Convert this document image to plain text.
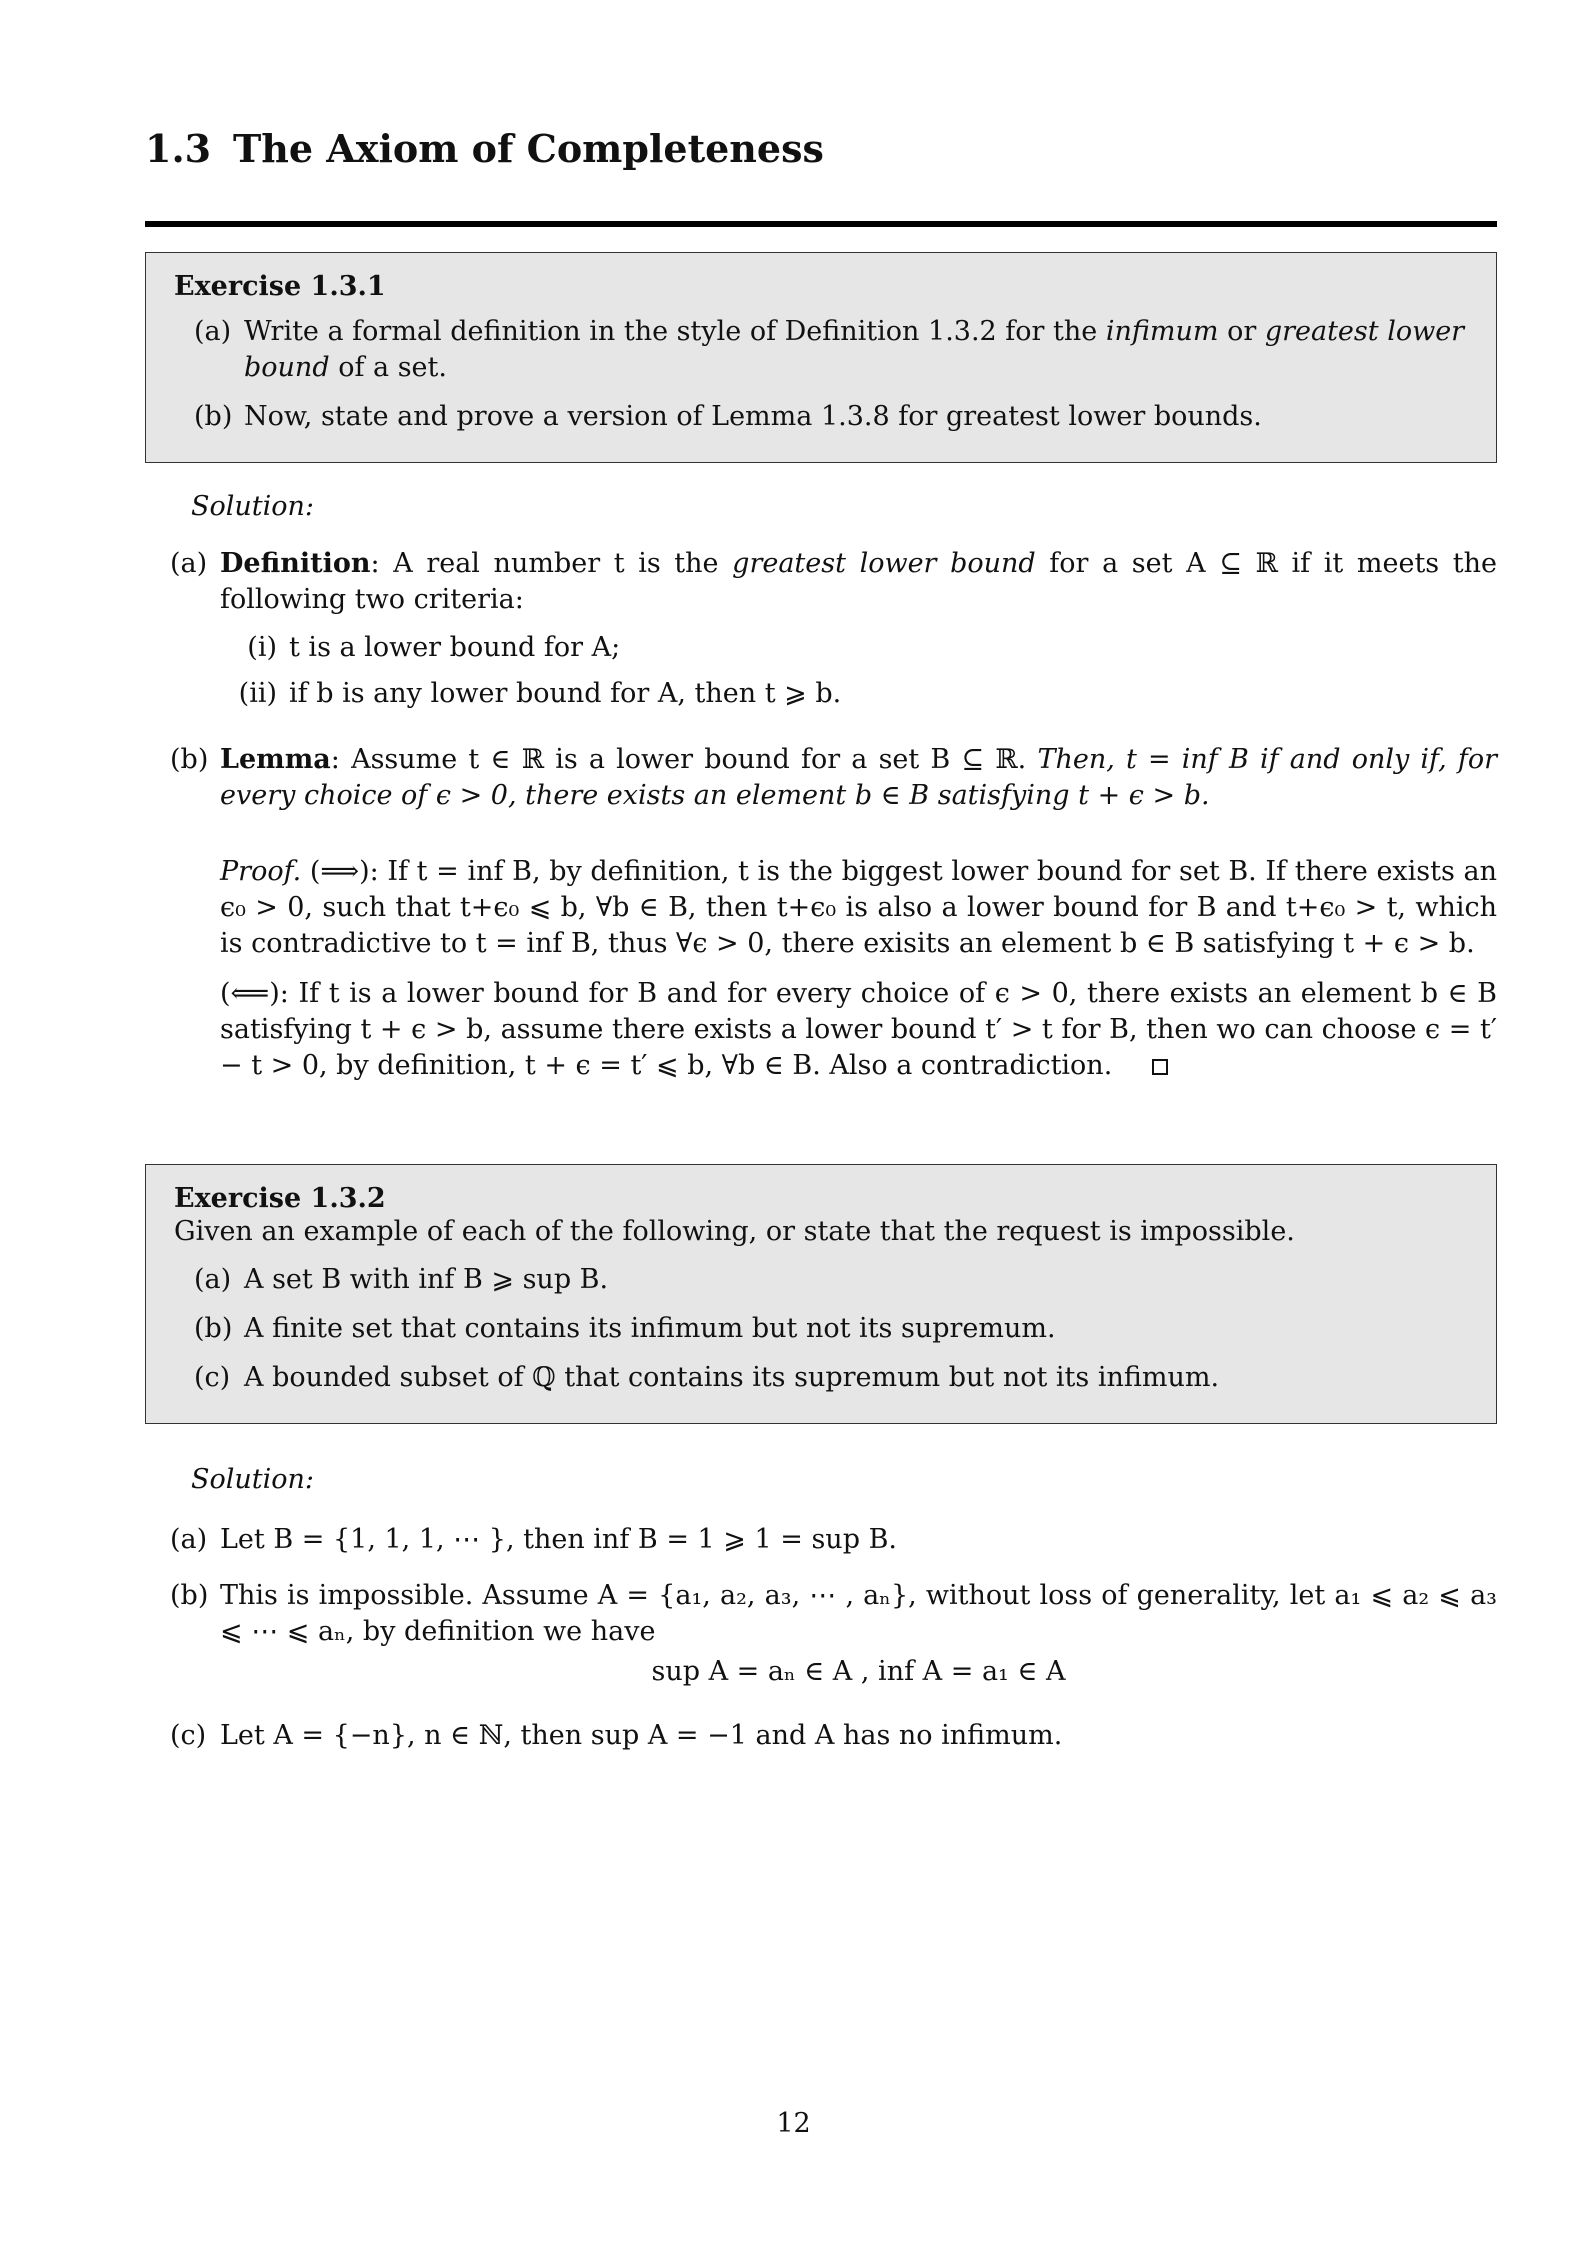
1.3 The Axiom of Completeness
Exercise 1.3.1
(a) Write a formal definition in the style of Definition 1.3.2 for the infimum or greatest lower bound of a set.
(b) Now, state and prove a version of Lemma 1.3.8 for greatest lower bounds.
Solution:
(a) Definition: A real number t is the greatest lower bound for a set A ⊆ ℝ if it meets the following two criteria:
(i) t is a lower bound for A;
(ii) if b is any lower bound for A, then t ⩾ b.
(b) Lemma: Assume t ∈ ℝ is a lower bound for a set B ⊆ ℝ. Then, t = inf B if and only if, for every choice of ϵ > 0, there exists an element b ∈ B satisfying t + ϵ > b.
Proof. (⟹): If t = inf B, by definition, t is the biggest lower bound for set B. If there exists an ϵ₀ > 0, such that t+ϵ₀ ⩽ b, ∀b ∈ B, then t+ϵ₀ is also a lower bound for B and t+ϵ₀ > t, which is contradictive to t = inf B, thus ∀ϵ > 0, there exisits an element b ∈ B satisfying t + ϵ > b.
(⟸): If t is a lower bound for B and for every choice of ϵ > 0, there exists an element b ∈ B satisfying t + ϵ > b, assume there exists a lower bound t′ > t for B, then wo can choose ϵ = t′ − t > 0, by definition, t + ϵ = t′ ⩽ b, ∀b ∈ B. Also a contradiction.
Exercise 1.3.2
Given an example of each of the following, or state that the request is impossible.
(a) A set B with inf B ⩾ sup B.
(b) A finite set that contains its infimum but not its supremum.
(c) A bounded subset of ℚ that contains its supremum but not its infimum.
Solution:
(a) Let B = {1, 1, 1, ⋯ }, then inf B = 1 ⩾ 1 = sup B.
(b) This is impossible. Assume A = {a₁, a₂, a₃, ⋯ , aₙ}, without loss of generality, let a₁ ⩽ a₂ ⩽ a₃ ⩽ ⋯ ⩽ aₙ, by definition we have
sup A = aₙ ∈ A , inf A = a₁ ∈ A
(c) Let A = {−n}, n ∈ ℕ, then sup A = −1 and A has no infimum.
12
